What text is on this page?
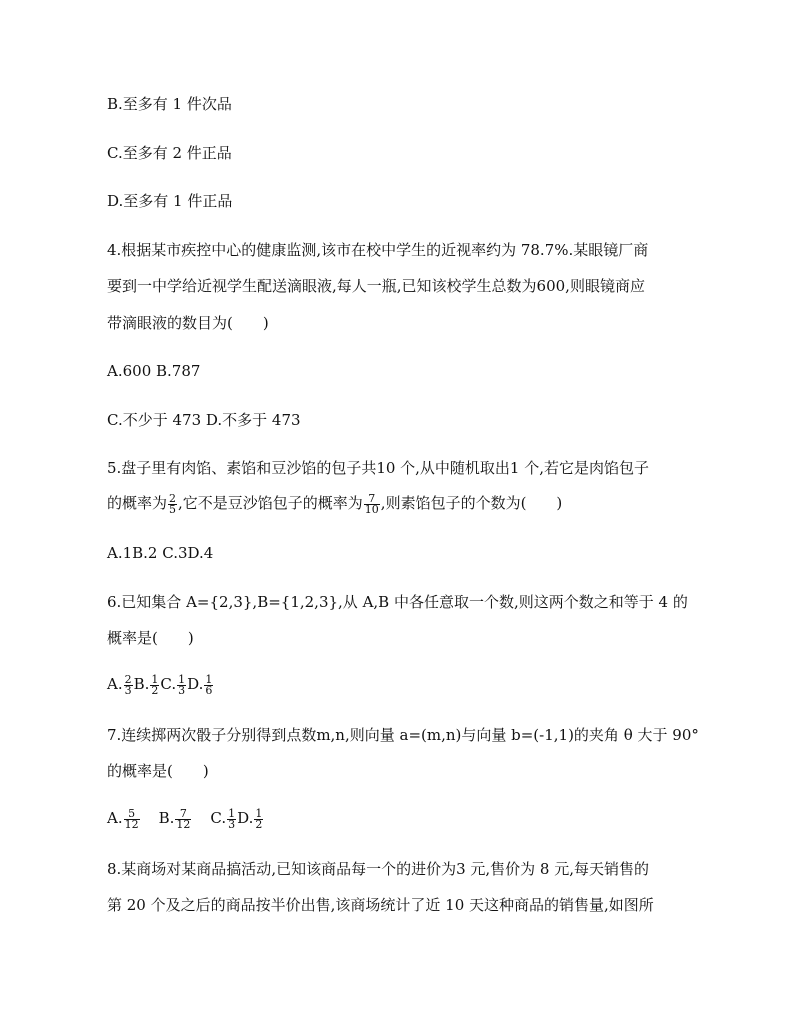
B.至多有 1 件次品
C.至多有 2 件正品
D.至多有 1 件正品
4.根据某市疾控中心的健康监测,该市在校中学生的近视率约为 78.7%.某眼镜厂商
要到一中学给近视学生配送滴眼液,每人一瓶,已知该校学生总数为600,则眼镜商应
带滴眼液的数目为(　　)
A.600 B.787
C.不少于 473 D.不多于 473
5.盘子里有肉馅、素馅和豆沙馅的包子共10 个,从中随机取出1 个,若它是肉馅包子
的概率为 $\frac{2}{5}$ ,它不是豆沙馅包子的概率为 $\frac{7}{10}$ ,则素馅包子的个数为(　　)
A.1B.2 C.3D.4
6.已知集合 A={2,3},B={1,2,3},从 A,B 中各任意取一个数,则这两个数之和等于 4 的
概率是(　　)
A. $\frac{2}{3} B$. $\frac{1}{2} C$. $\frac{1}{3} D$. $\frac{1}{6}$
7.连续掷两次骰子分别得到点数m,n,则向量 a=(m,n)与向量 b=(-1,1)的夹角 θ 大于 90°
的概率是(　　)
A. $\frac{5}{12} B$. $\frac{7}{12} C$. $\frac{1}{3} D$. $\frac{1}{2}$
8.某商场对某商品搞活动,已知该商品每一个的进价为3 元,售价为 8 元,每天销售的
第 20 个及之后的商品按半价出售,该商场统计了近 10 天这种商品的销售量,如图所
